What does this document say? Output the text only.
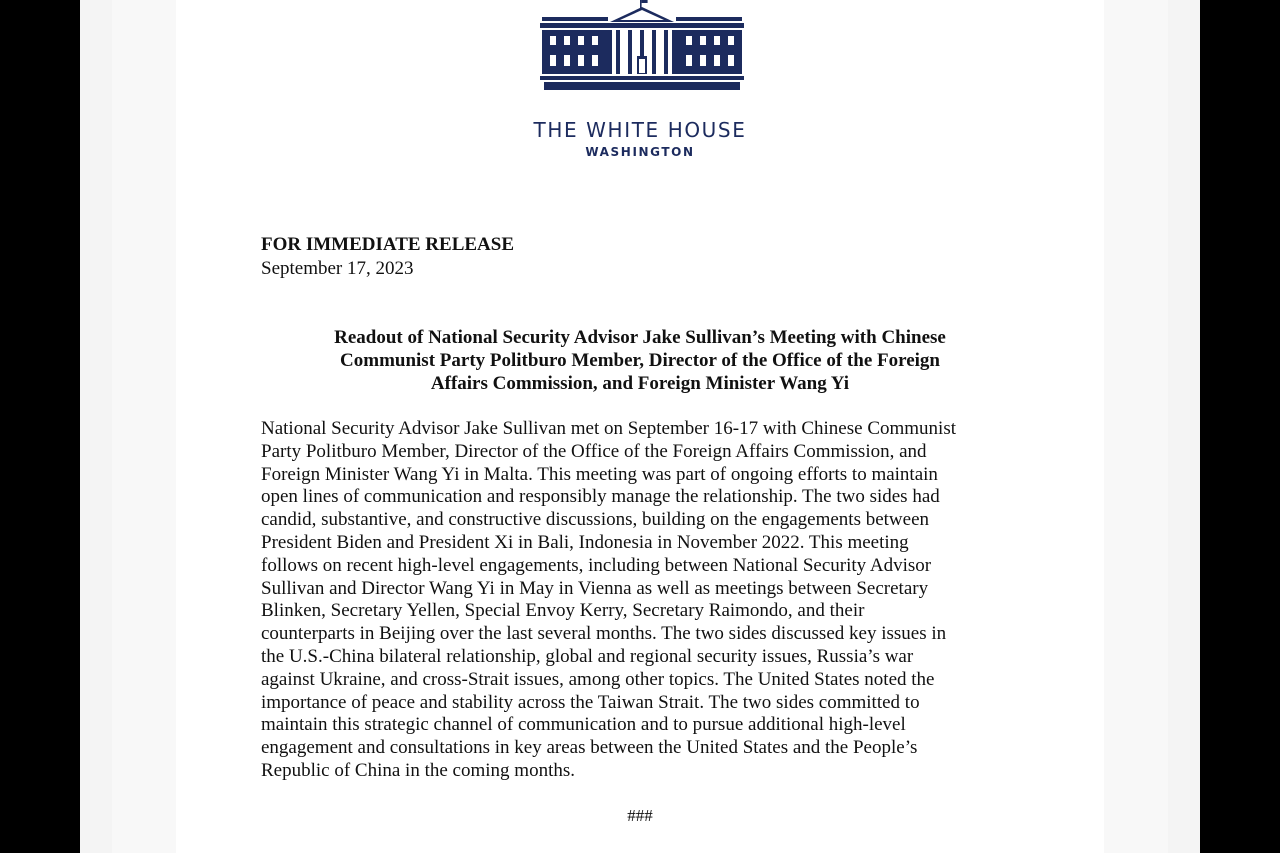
THE WHITE HOUSE

WASHINGTON

FOR IMMEDIATE RELEASE

September 17, 2023

Readout of National Security Advisor Jake Sullivan’s Meeting with Chinese
Communist Party Politburo Member, Director of the Office of the Foreign
Affairs Commission, and Foreign Minister Wang Yi

National Security Advisor Jake Sullivan met on September 16-17 with Chinese Communist
Party Politburo Member, Director of the Office of the Foreign Affairs Commission, and
Foreign Minister Wang Yi in Malta. This meeting was part of ongoing efforts to maintain
open lines of communication and responsibly manage the relationship. The two sides had
candid, substantive, and constructive discussions, building on the engagements between
President Biden and President Xi in Bali, Indonesia in November 2022. This meeting
follows on recent high-level engagements, including between National Security Advisor
Sullivan and Director Wang Yi in May in Vienna as well as meetings between Secretary
Blinken, Secretary Yellen, Special Envoy Kerry, Secretary Raimondo, and their
counterparts in Beijing over the last several months. The two sides discussed key issues in
the U.S.-China bilateral relationship, global and regional security issues, Russia’s war
against Ukraine, and cross-Strait issues, among other topics. The United States noted the
importance of peace and stability across the Taiwan Strait. The two sides committed to
maintain this strategic channel of communication and to pursue additional high-level
engagement and consultations in key areas between the United States and the People’s
Republic of China in the coming months.

###
